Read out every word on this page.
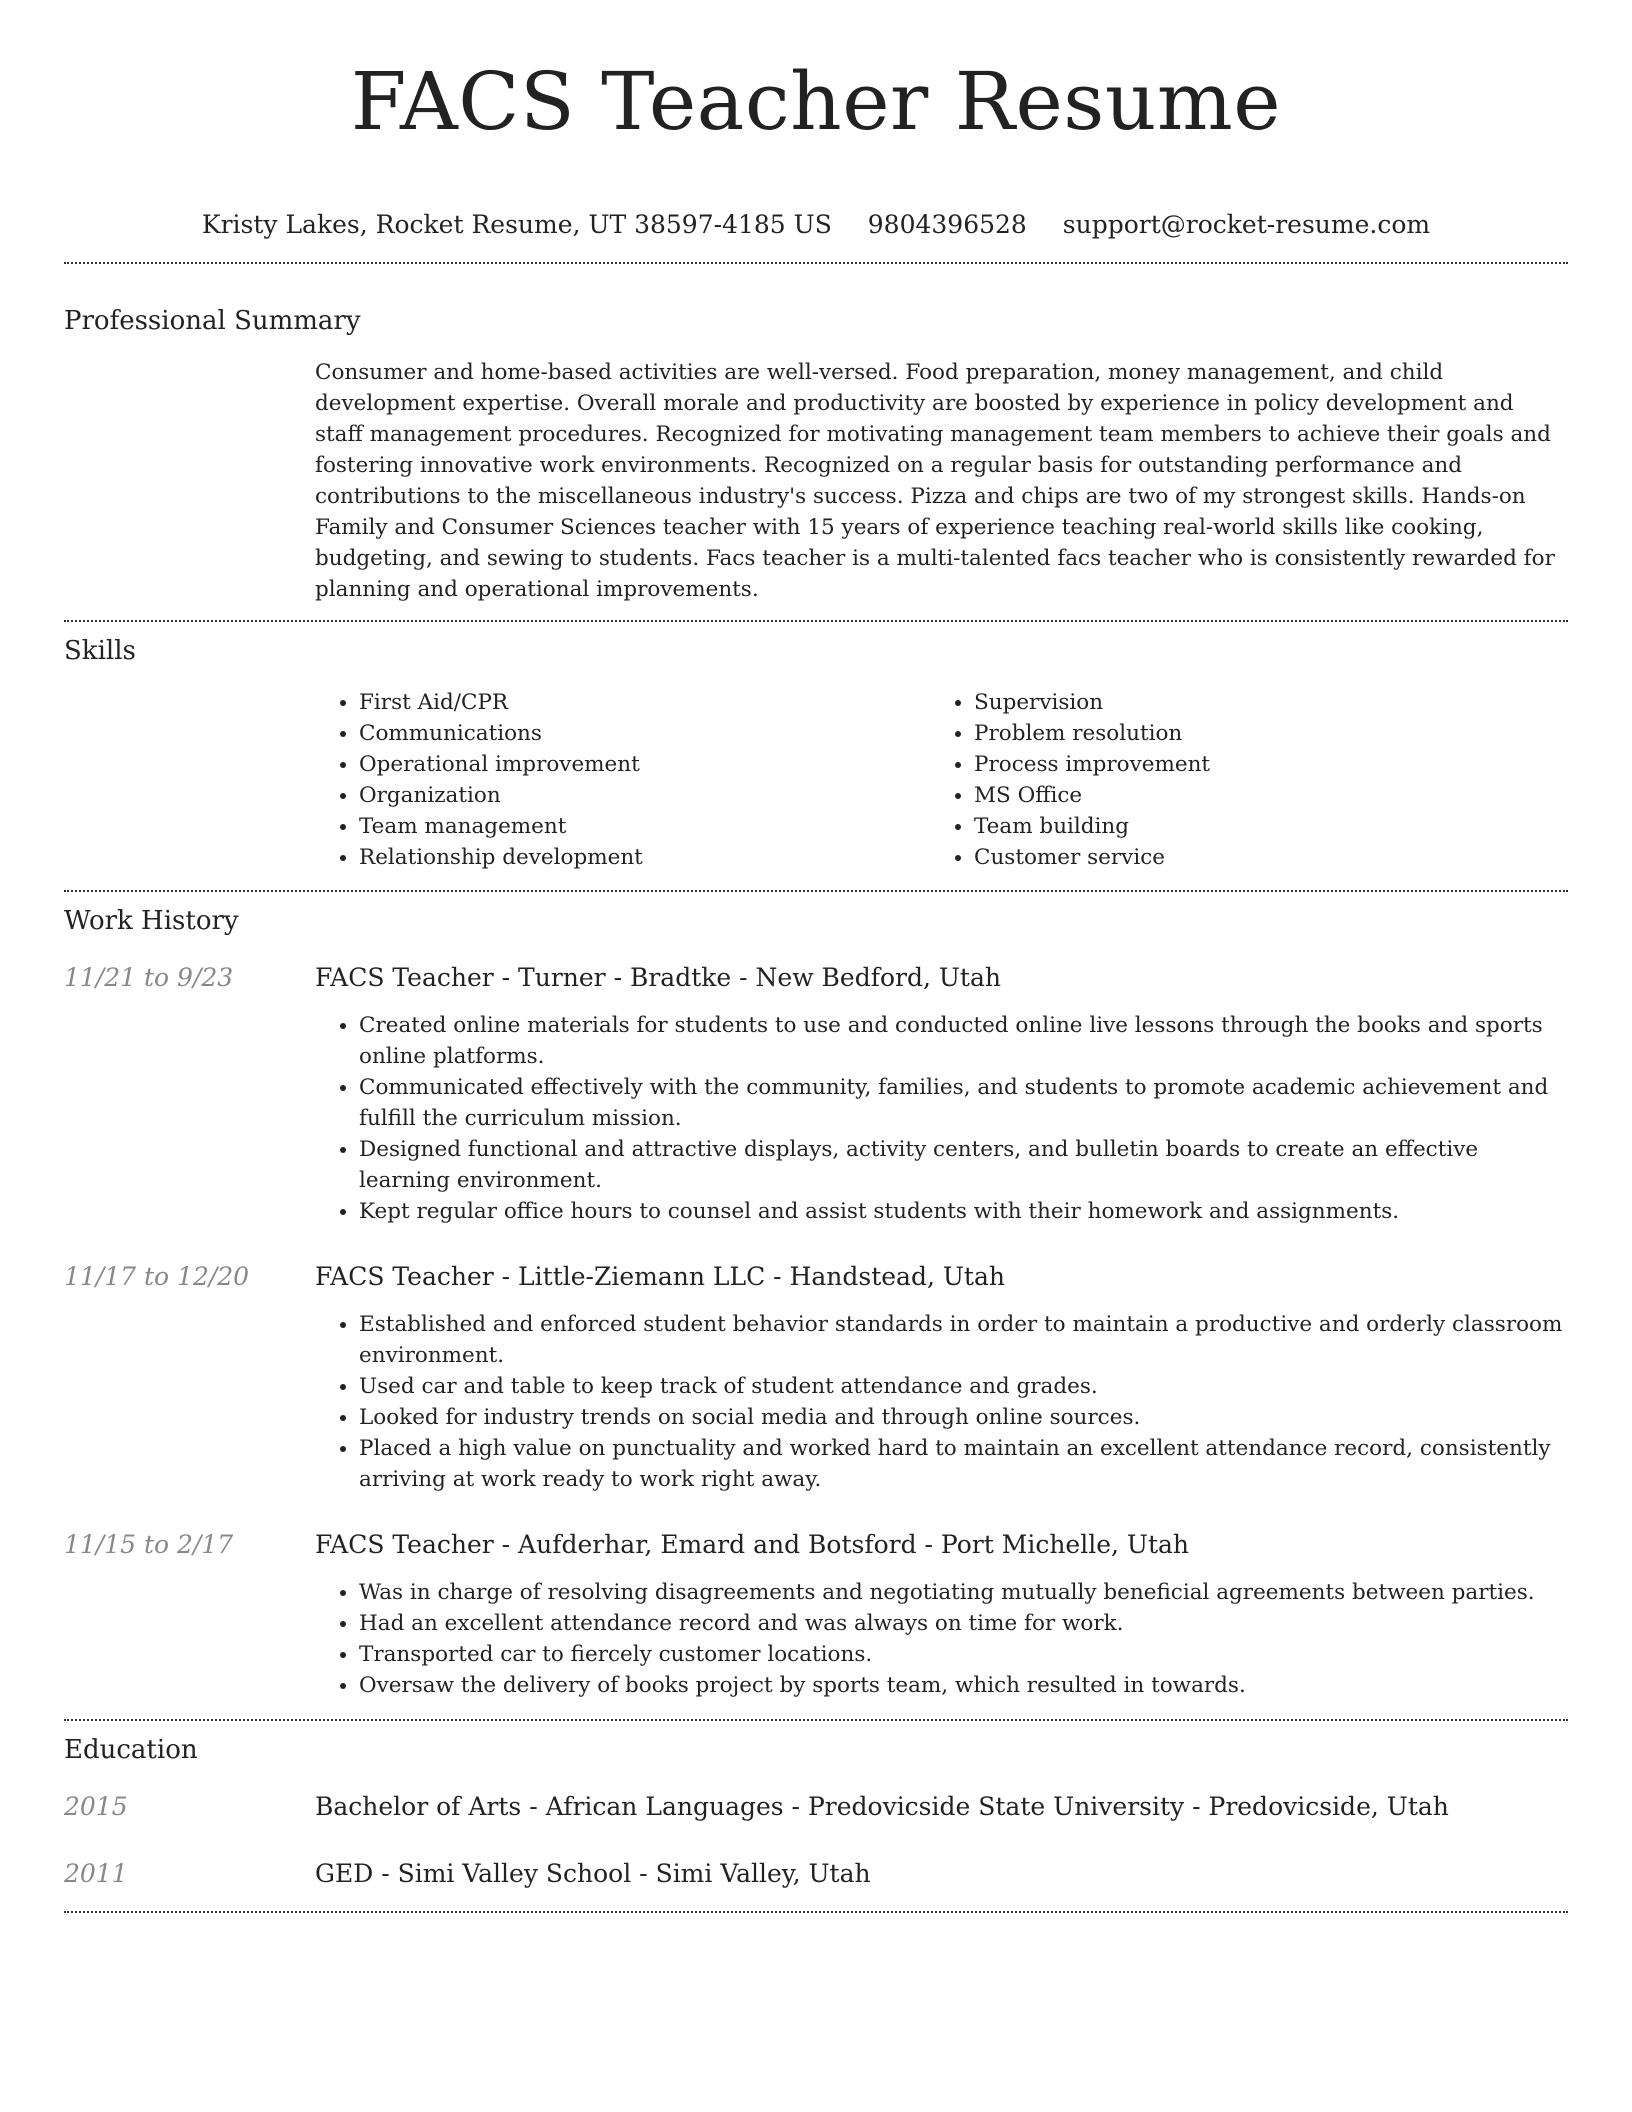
FACS Teacher Resume
Kristy Lakes, Rocket Resume, UT 38597-4185 US 9804396528 support@rocket-resume.com
Professional Summary

Consumer and home-based activities are well-versed. Food preparation, money management, and child development expertise. Overall morale and productivity are boosted by experience in policy development and staff management procedures. Recognized for motivating management team members to achieve their goals and fostering innovative work environments. Recognized on a regular basis for outstanding performance and contributions to the miscellaneous industry's success. Pizza and chips are two of my strongest skills. Hands-on Family and Consumer Sciences teacher with 15 years of experience teaching real-world skills like cooking, budgeting, and sewing to students. Facs teacher is a multi-talented facs teacher who is consistently rewarded for planning and operational improvements.

Skills
• First Aid/CPR
• Communications
• Operational improvement
• Organization
• Team management
• Relationship development
• Supervision
• Problem resolution
• Process improvement
• MS Office
• Team building
• Customer service
Work History
11/21 to 9/23	FACS Teacher - Turner - Bradtke - New Bedford, Utah
• Created online materials for students to use and conducted online live lessons through the books and sports online platforms.
• Communicated effectively with the community, families, and students to promote academic achievement and fulfill the curriculum mission.
• Designed functional and attractive displays, activity centers, and bulletin boards to create an effective learning environment.
• Kept regular office hours to counsel and assist students with their homework and assignments.
11/17 to 12/20	FACS Teacher - Little-Ziemann LLC - Handstead, Utah
• Established and enforced student behavior standards in order to maintain a productive and orderly classroom environment.
• Used car and table to keep track of student attendance and grades.
• Looked for industry trends on social media and through online sources.
• Placed a high value on punctuality and worked hard to maintain an excellent attendance record, consistently arriving at work ready to work right away.
11/15 to 2/17	FACS Teacher - Aufderhar, Emard and Botsford - Port Michelle, Utah
• Was in charge of resolving disagreements and negotiating mutually beneficial agreements between parties.
• Had an excellent attendance record and was always on time for work.
• Transported car to fiercely customer locations.
• Oversaw the delivery of books project by sports team, which resulted in towards.
Education
2015	Bachelor of Arts - African Languages - Predovicside State University - Predovicside, Utah
2011	GED - Simi Valley School - Simi Valley, Utah
